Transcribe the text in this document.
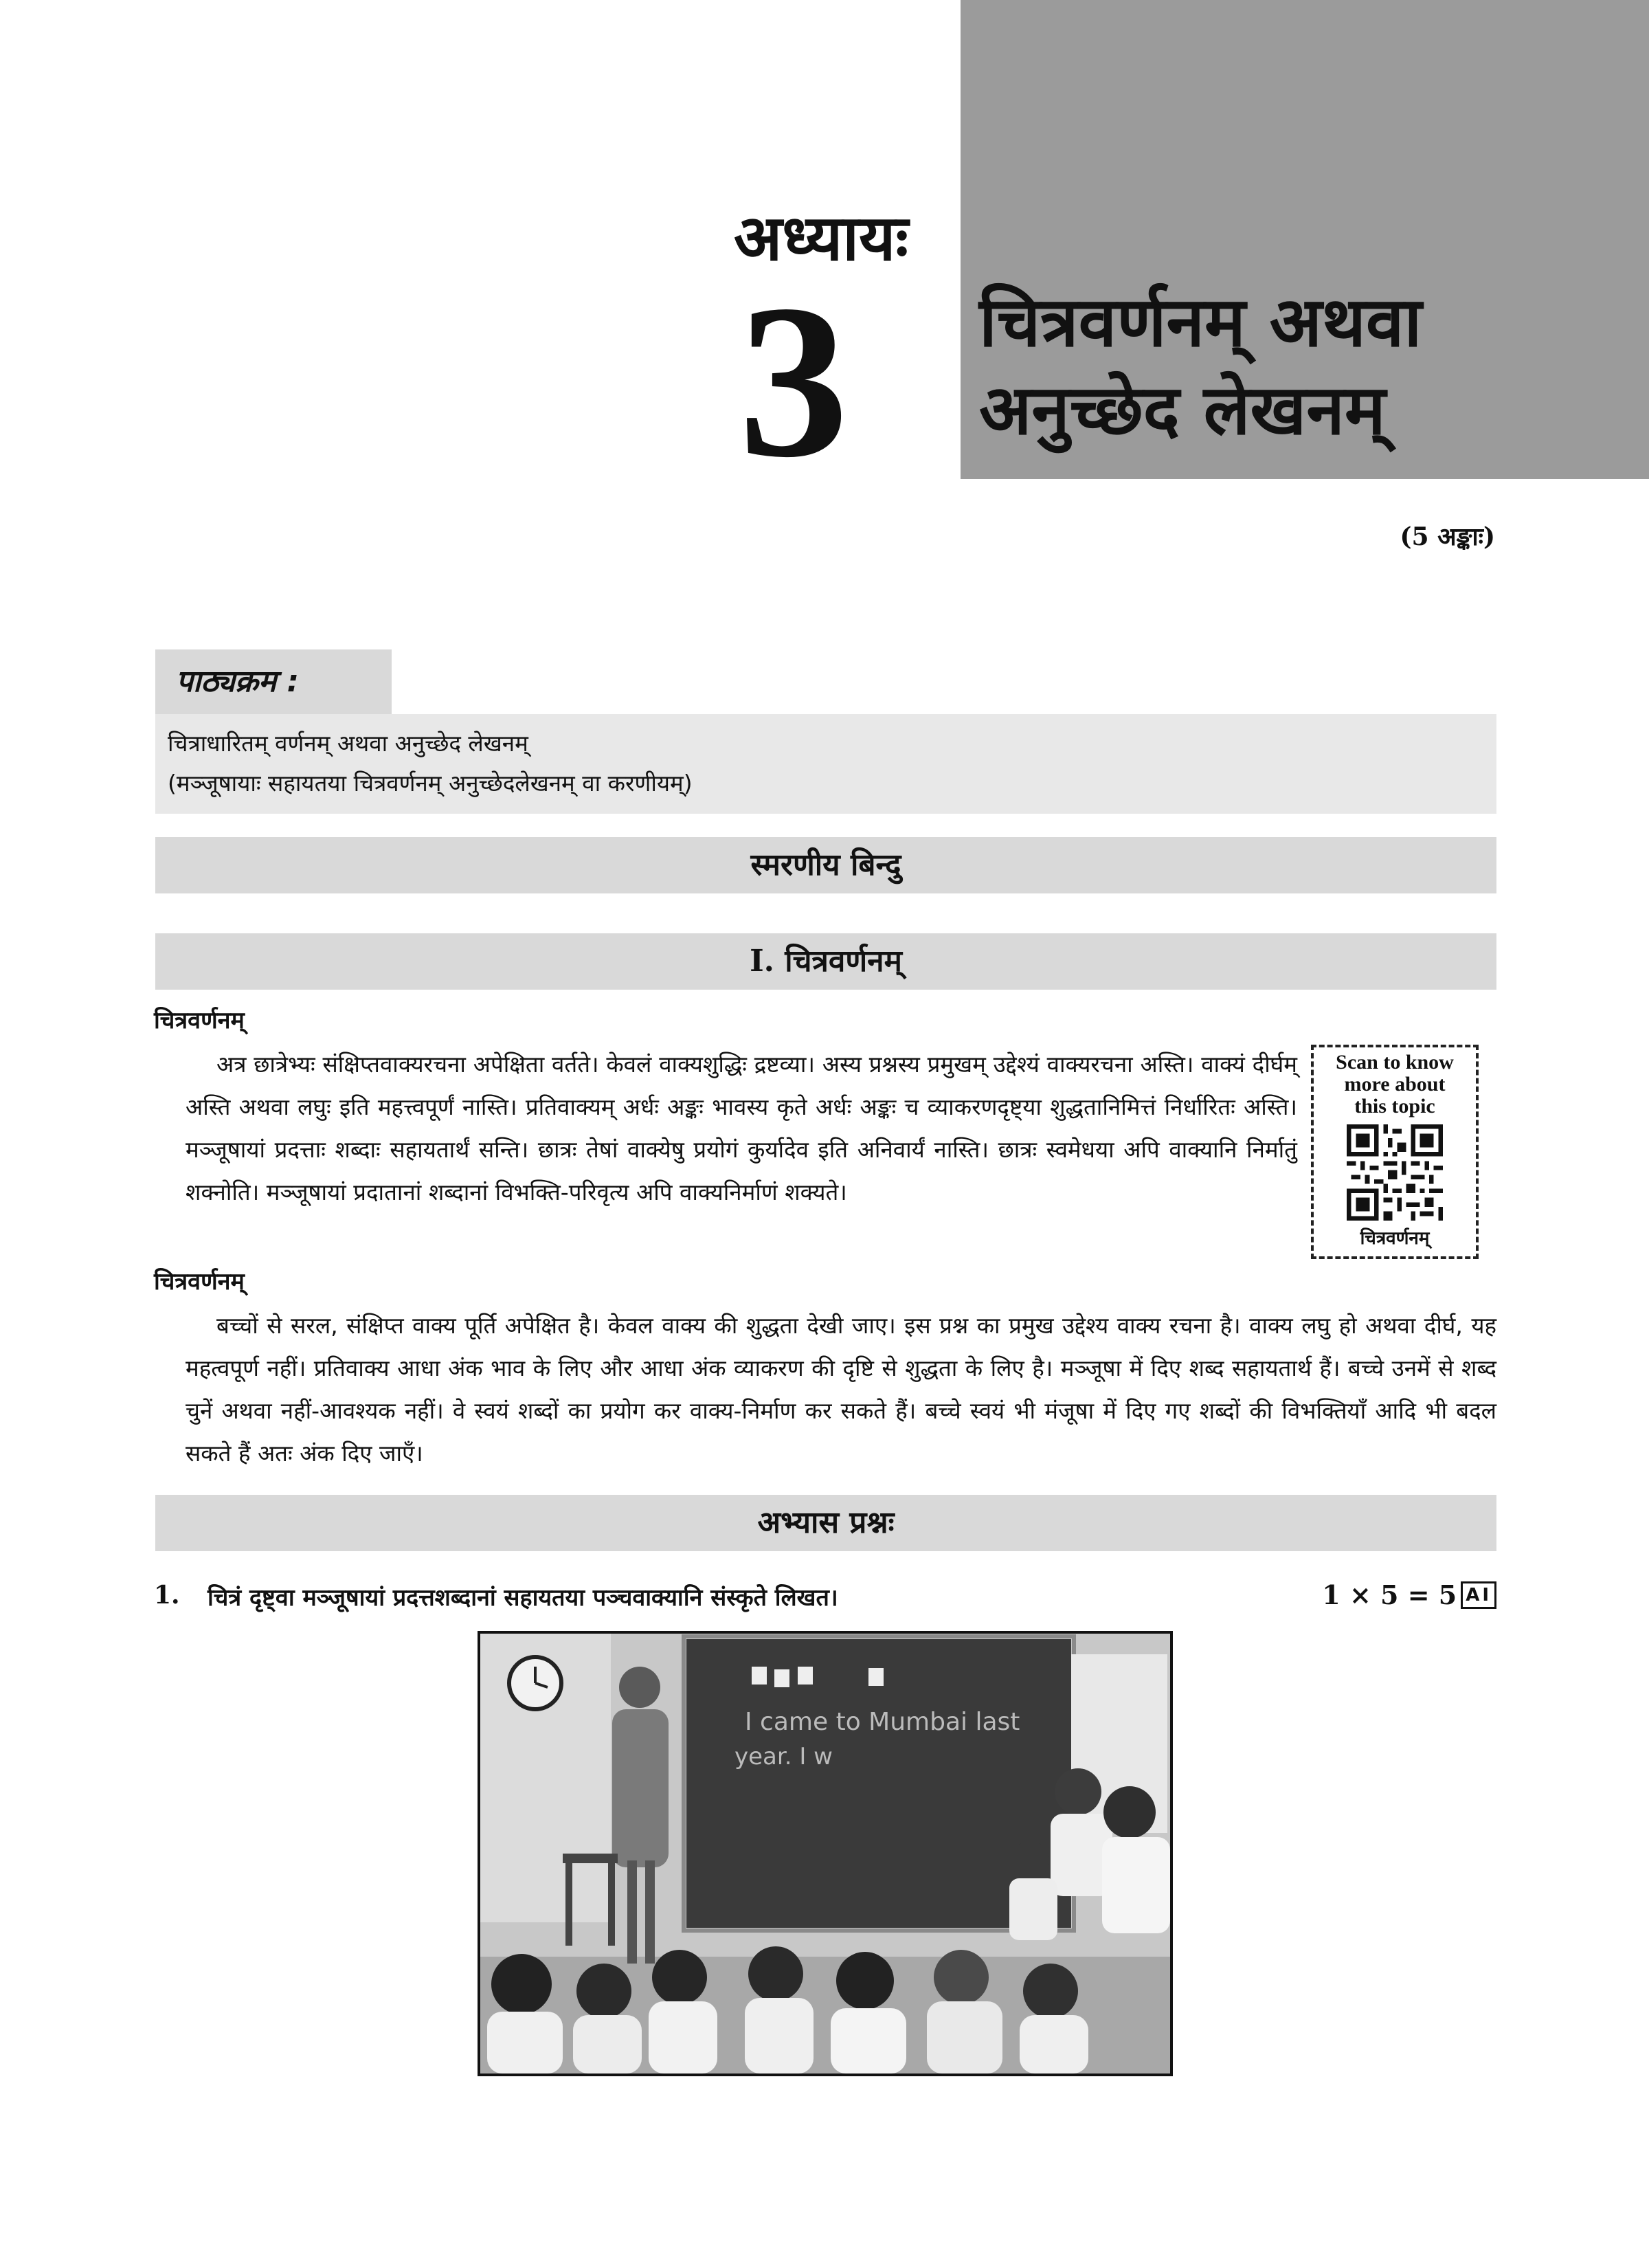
अध्यायः
3	चित्रवर्णनम् अथवा
अनुच्छेद लेखनम्
(5 अङ्काः)
पाठ्यक्रम :
चित्राधारितम् वर्णनम् अथवा अनुच्छेद लेखनम्
(मञ्जूषायाः सहायतया चित्रवर्णनम् अनुच्छेदलेखनम् वा करणीयम्)
स्मरणीय बिन्दु
I. चित्रवर्णनम्
चित्रवर्णनम्
अत्र छात्रेभ्यः संक्षिप्तवाक्यरचना अपेक्षिता वर्तते। केवलं वाक्यशुद्धिः द्रष्टव्या। अस्य प्रश्नस्य प्रमुखम् उद्देश्यं वाक्यरचना अस्ति। वाक्यं दीर्घम् अस्ति अथवा लघुः इति महत्त्वपूर्णं नास्ति। प्रतिवाक्यम् अर्धः अङ्कः भावस्य कृते अर्धः अङ्कः च व्याकरणदृष्ट्या शुद्धतानिमित्तं निर्धारितः अस्ति। मञ्जूषायां प्रदत्ताः शब्दाः सहायतार्थं सन्ति। छात्रः तेषां वाक्येषु प्रयोगं कुर्यादेव इति अनिवार्यं नास्ति। छात्रः स्वमेधया अपि वाक्यानि निर्मातुं शक्नोति। मञ्जूषायां प्रदातानां शब्दानां विभक्ति-परिवृत्य अपि वाक्यनिर्माणं शक्यते।
Scan to know
more about
this topic
चित्रवर्णनम्
चित्रवर्णनम्
बच्चों से सरल, संक्षिप्त वाक्य पूर्ति अपेक्षित है। केवल वाक्य की शुद्धता देखी जाए। इस प्रश्न का प्रमुख उद्देश्य वाक्य रचना है। वाक्य लघु हो अथवा दीर्घ, यह महत्वपूर्ण नहीं। प्रतिवाक्य आधा अंक भाव के लिए और आधा अंक व्याकरण की दृष्टि से शुद्धता के लिए है। मञ्जूषा में दिए शब्द सहायतार्थ हैं। बच्चे उनमें से शब्द चुनें अथवा नहीं-आवश्यक नहीं। वे स्वयं शब्दों का प्रयोग कर वाक्य-निर्माण कर सकते हैं। बच्चे स्वयं भी मंजूषा में दिए गए शब्दों की विभक्तियाँ आदि भी बदल सकते हैं अतः अंक दिए जाएँ।
अभ्यास प्रश्नः
1. चित्रं दृष्ट्वा मञ्जूषायां प्रदत्तशब्दानां सहायतया पञ्चवाक्यानि संस्कृते लिखत।	1 × 5 = 5 AI
I came to Mumbai last
year. I w
